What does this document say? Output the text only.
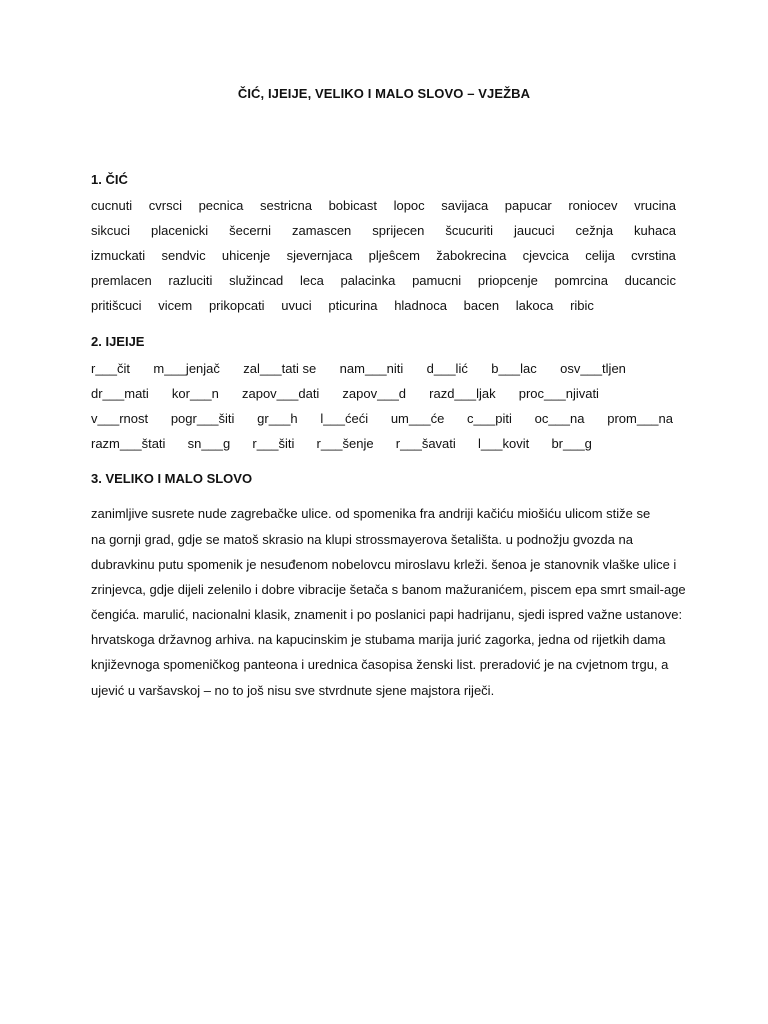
ČIĆ, IJEIJE, VELIKO I MALO SLOVO – VJEŽBA
1. ČIĆ
cucnuti cvrsci pecnica sestricna bobicast lopoc savijaca papucar roniocev vrucina
sikcuci placenicki šecerni zamascen sprijecen šcucuriti jaucuci cežnja kuhaca
izmuckati sendvic uhicenje sjevernjaca pljeŝcem žabokrecina cjevcica celija cvrstina
premlacen razluciti služincad leca palacinka pamucni priopcenje pomrcina ducancic
pritišcuci vicem prikopcati uvuci pticurina hladnoca bacen lakoca ribic
2. IJEIJE
r___čit m___jenjač zal___tati se nam___niti d___lić b___lac osv___tljen
dr___mati kor___n zapov___dati zapov___d razd___ljak proc___njivati
v___rnost pogr___šiti gr___h l___ćeći um___će c___piti oc___na prom___na
razm___štati sn___g r___šiti r___šenje r___šavati l___kovit br___g
3. VELIKO I MALO SLOVO
zanimljive susrete nude zagrebačke ulice. od spomenika fra andriji kačiću miošiću ulicom stiže se
na gornji grad, gdje se matoš skrasio na klupi strossmayerova šetališta. u podnožju gvozda na
dubravkinu putu spomenik je nesuđenom nobelovcu miroslavu krleži. šenoa je stanovnik vlaške ulice i
zrinjevca, gdje dijeli zelenilo i dobre vibracije šetača s banom mažuranićem, piscem epa smrt smail-age
čengića. marulić, nacionalni klasik, znamenit i po poslanici papi hadrijanu, sjedi ispred važne ustanove:
hrvatskoga državnog arhiva. na kapucinskim je stubama marija jurić zagorka, jedna od rijetkih dama
književnoga spomeničkog panteona i urednica časopisa ženski list. preradović je na cvjetnom trgu, a
ujević u varšavskoj – no to još nisu sve stvrdnute sjene majstora riječi.
